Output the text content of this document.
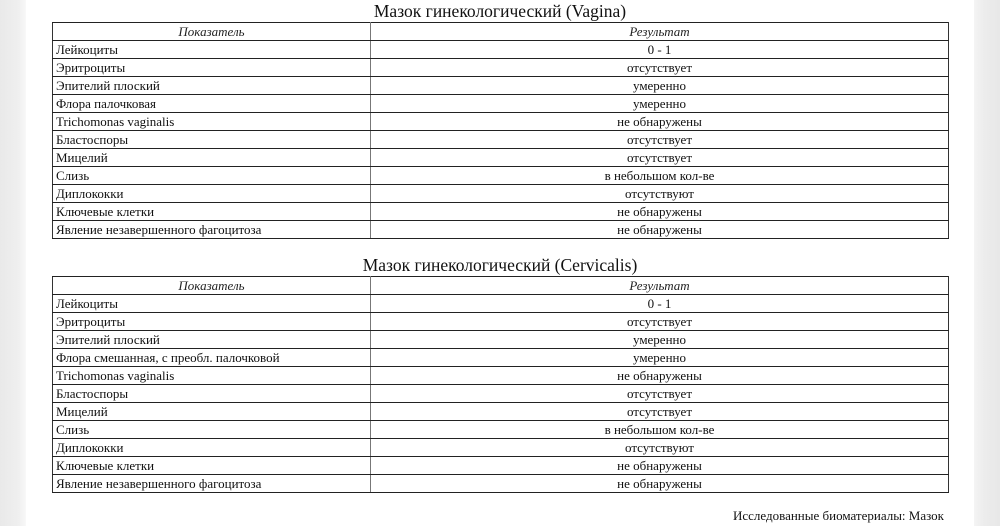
Мазок гинекологический (Vagina)
Показатель	Результат
Лейкоциты	0 - 1
Эритроциты	отсутствует
Эпителий плоский	умеренно
Флора палочковая	умеренно
Trichomonas vaginalis	не обнаружены
Бластоспоры	отсутствует
Мицелий	отсутствует
Слизь	в небольшом кол-ве
Диплококки	отсутствуют
Ключевые клетки	не обнаружены
Явление незавершенного фагоцитоза	не обнаружены
Мазок гинекологический (Cervicalis)
Показатель	Результат
Лейкоциты	0 - 1
Эритроциты	отсутствует
Эпителий плоский	умеренно
Флора смешанная, с преобл. палочковой	умеренно
Trichomonas vaginalis	не обнаружены
Бластоспоры	отсутствует
Мицелий	отсутствует
Слизь	в небольшом кол-ве
Диплококки	отсутствуют
Ключевые клетки	не обнаружены
Явление незавершенного фагоцитоза	не обнаружены
Исследованные биоматериалы: Мазок
